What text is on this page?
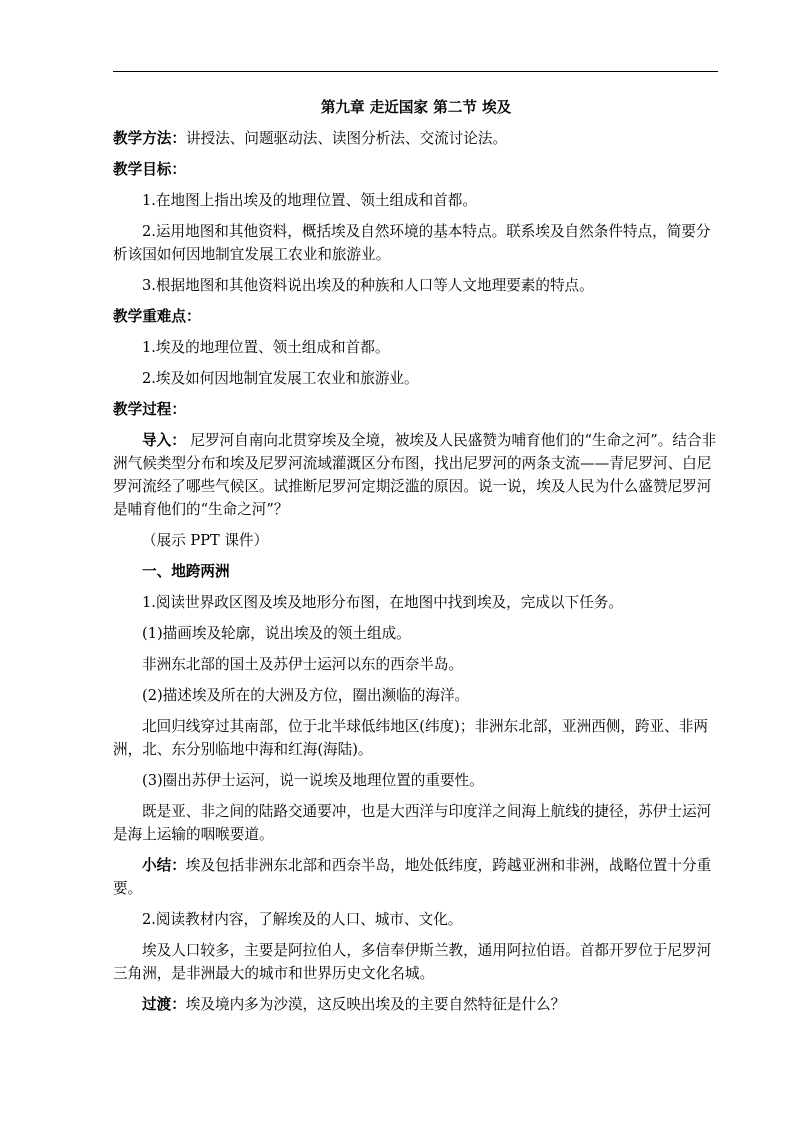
第九章 走近国家 第二节 埃及
教学方法：讲授法、问题驱动法、读图分析法、交流讨论法。
教学目标：
1.在地图上指出埃及的地理位置、领土组成和首都。
2.运用地图和其他资料，概括埃及自然环境的基本特点。联系埃及自然条件特点，简要分析该国如何因地制宜发展工农业和旅游业。
3.根据地图和其他资料说出埃及的种族和人口等人文地理要素的特点。
教学重难点：
1.埃及的地理位置、领土组成和首都。
2.埃及如何因地制宜发展工农业和旅游业。
教学过程：
导入： 尼罗河自南向北贯穿埃及全境，被埃及人民盛赞为哺育他们的“生命之河”。结合非洲气候类型分布和埃及尼罗河流域灌溉区分布图，找出尼罗河的两条支流——青尼罗河、白尼罗河流经了哪些气候区。试推断尼罗河定期泛滥的原因。说一说，埃及人民为什么盛赞尼罗河是哺育他们的“生命之河”？
（展示 PPT 课件）
一、地跨两洲
1.阅读世界政区图及埃及地形分布图，在地图中找到埃及，完成以下任务。
(1)描画埃及轮廓，说出埃及的领土组成。
非洲东北部的国土及苏伊士运河以东的西奈半岛。
(2)描述埃及所在的大洲及方位，圈出濒临的海洋。
北回归线穿过其南部，位于北半球低纬地区(纬度)；非洲东北部，亚洲西侧，跨亚、非两洲，北、东分别临地中海和红海(海陆)。
(3)圈出苏伊士运河，说一说埃及地理位置的重要性。
既是亚、非之间的陆路交通要冲，也是大西洋与印度洋之间海上航线的捷径，苏伊士运河是海上运输的咽喉要道。
小结：埃及包括非洲东北部和西奈半岛，地处低纬度，跨越亚洲和非洲，战略位置十分重要。
2.阅读教材内容，了解埃及的人口、城市、文化。
埃及人口较多，主要是阿拉伯人，多信奉伊斯兰教，通用阿拉伯语。首都开罗位于尼罗河三角洲，是非洲最大的城市和世界历史文化名城。
过渡：埃及境内多为沙漠，这反映出埃及的主要自然特征是什么？
